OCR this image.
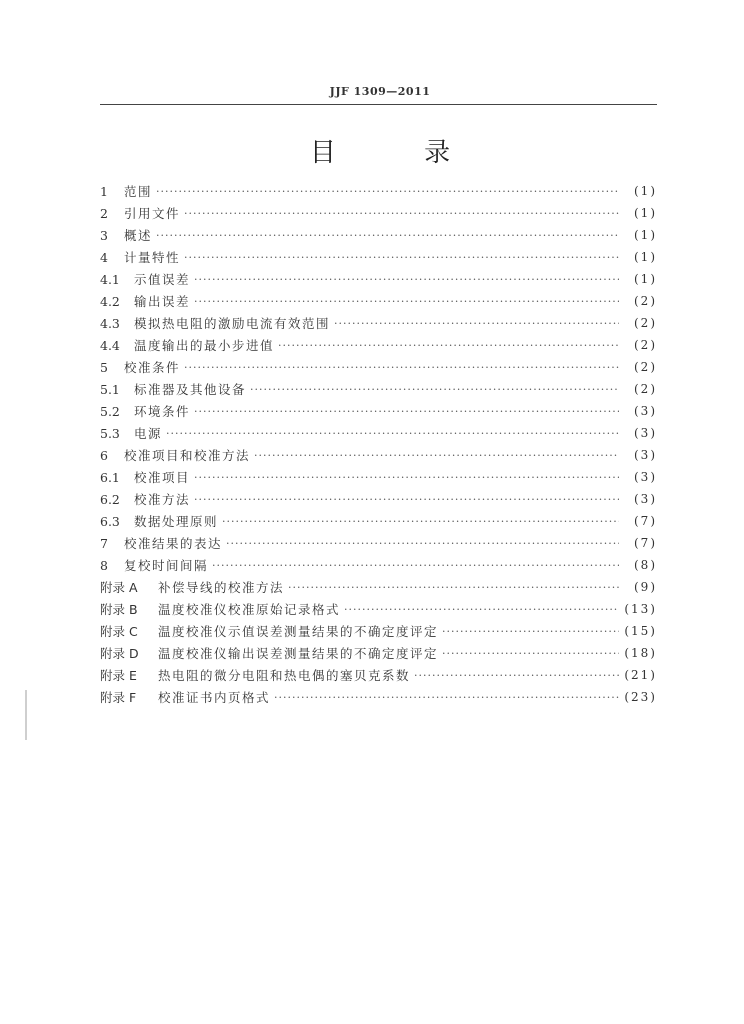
JJF 1309—2011
目 录
1	范围 ·····	(1)
2	引用文件 ·····	(1)
3	概述 ·····	(1)
4	计量特性 ·····	(1)
4.1	示值误差 ·····	(1)
4.2	输出误差 ·····	(2)
4.3	模拟热电阻的激励电流有效范围 ·····	(2)
4.4	温度输出的最小步进值 ·····	(2)
5	校准条件 ·····	(2)
5.1	标准器及其他设备 ·····	(2)
5.2	环境条件 ·····	(3)
5.3	电源 ·····	(3)
6	校准项目和校准方法 ·····	(3)
6.1	校准项目 ·····	(3)
6.2	校准方法 ·····	(3)
6.3	数据处理原则 ·····	(7)
7	校准结果的表达 ·····	(7)
8	复校时间间隔 ·····	(8)
附录 A	补偿导线的校准方法 ·····	(9)
附录 B	温度校准仪校准原始记录格式 ·····	(13)
附录 C	温度校准仪示值误差测量结果的不确定度评定 ·····	(15)
附录 D	温度校准仪输出误差测量结果的不确定度评定 ·····	(18)
附录 E	热电阻的微分电阻和热电偶的塞贝克系数 ·····	(21)
附录 F	校准证书内页格式 ·····	(23)
